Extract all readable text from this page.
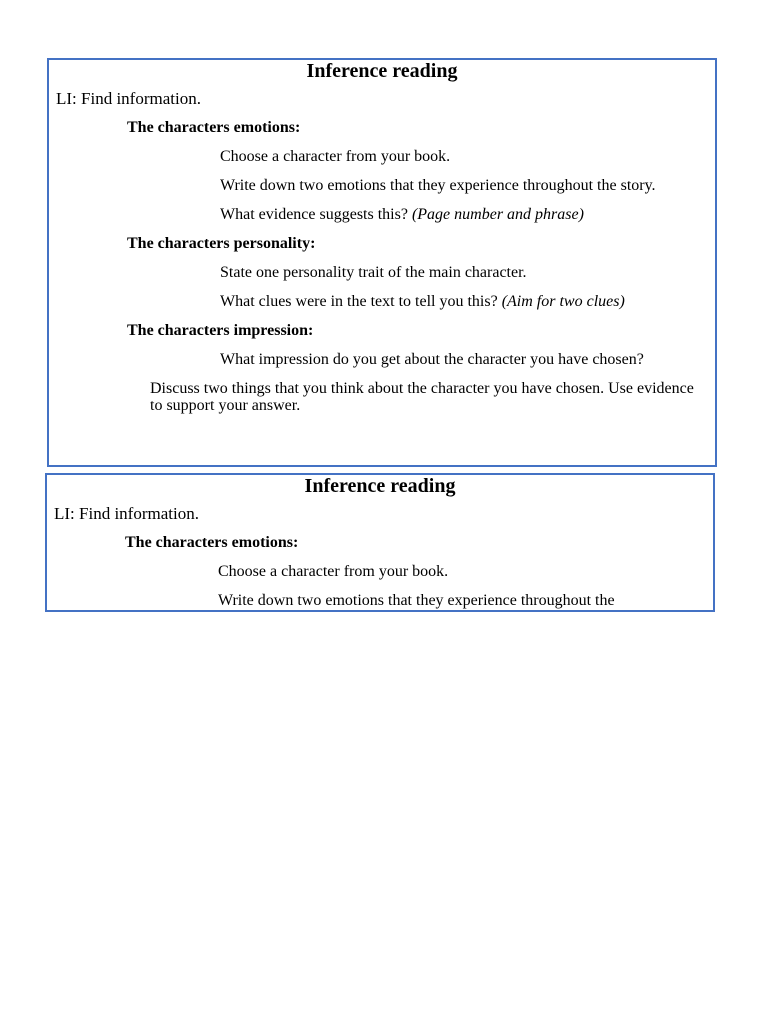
Inference reading
LI: Find information.
The characters emotions:
Choose a character from your book.
Write down two emotions that they experience throughout the story.
What evidence suggests this? (Page number and phrase)
The characters personality:
State one personality trait of the main character.
What clues were in the text to tell you this? (Aim for two clues)
The characters impression:
What impression do you get about the character you have chosen?
Discuss two things that you think about the character you have chosen. Use evidence to support your answer.
Inference reading
LI: Find information.
The characters emotions:
Choose a character from your book.
Write down two emotions that they experience throughout the
